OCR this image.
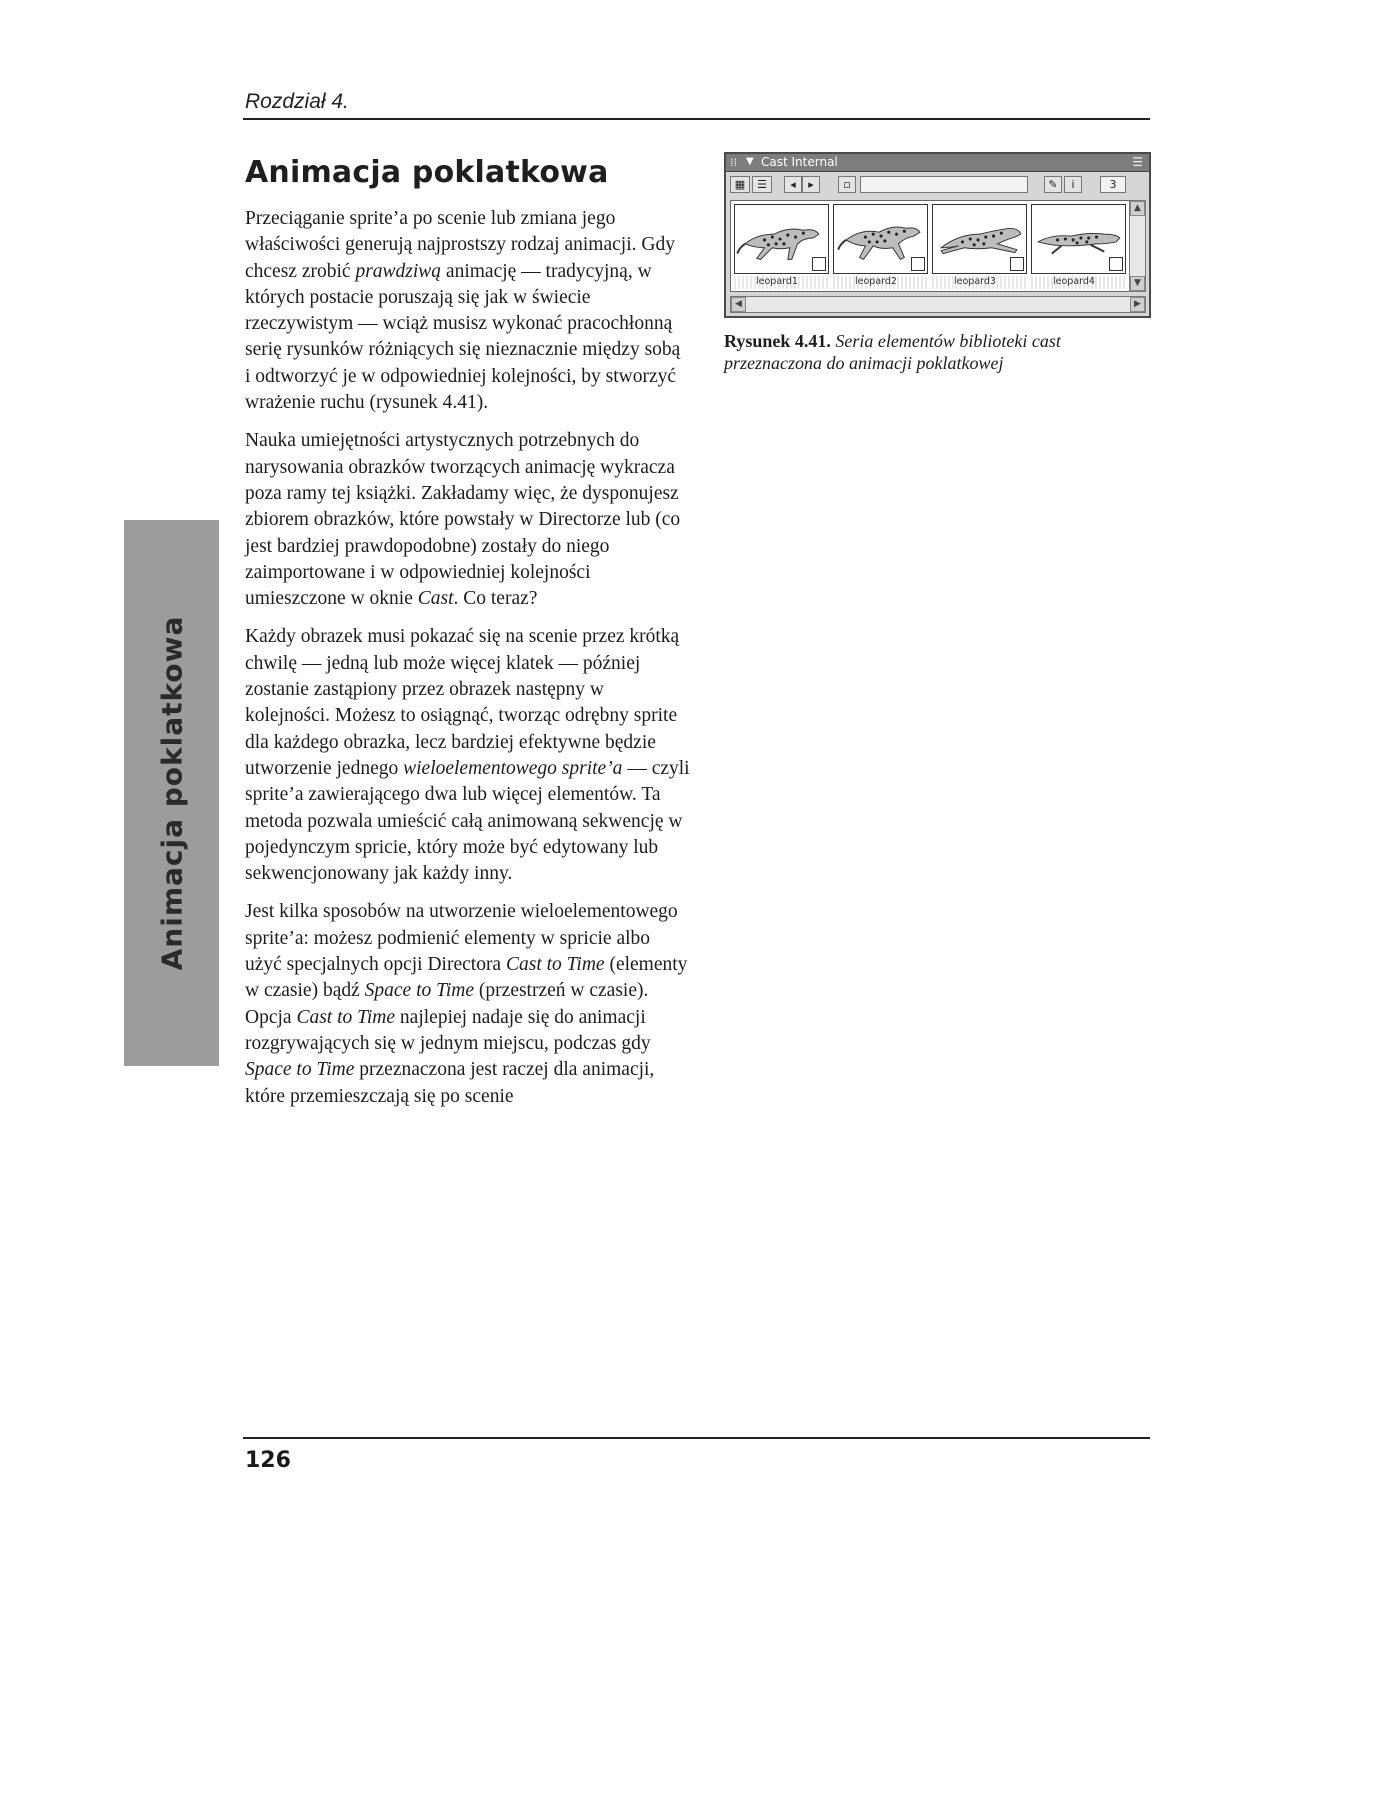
Rozdział 4.
Animacja poklatkowa
Animacja poklatkowa

Przeciąganie sprite’a po scenie lub zmiana jego właściwości generują najprostszy rodzaj animacji. Gdy chcesz zrobić prawdziwą animację — tradycyjną, w których postacie poruszają się jak w świecie rzeczywistym — wciąż musisz wykonać pracochłonną serię rysunków różniących się nieznacznie między sobą i odtworzyć je w odpowiedniej kolejności, by stworzyć wrażenie ruchu (rysunek 4.41).

Nauka umiejętności artystycznych potrzebnych do narysowania obrazków tworzących animację wykracza poza ramy tej książki. Zakładamy więc, że dysponujesz zbiorem obrazków, które powstały w Directorze lub (co jest bardziej prawdopodobne) zostały do niego zaimportowane i w odpowiedniej kolejności umieszczone w oknie Cast. Co teraz?

Każdy obrazek musi pokazać się na scenie przez krótką chwilę — jedną lub może więcej klatek — później zostanie zastąpiony przez obrazek następny w kolejności. Możesz to osiągnąć, tworząc odrębny sprite dla każdego obrazka, lecz bardziej efektywne będzie utworzenie jednego wieloelementowego sprite’a — czyli sprite’a zawierającego dwa lub więcej elementów. Ta metoda pozwala umieścić całą animowaną sekwencję w pojedynczym spricie, który może być edytowany lub sekwencjonowany jak każdy inny.

Jest kilka sposobów na utworzenie wieloelementowego sprite’a: możesz podmienić elementy w spricie albo użyć specjalnych opcji Directora Cast to Time (elementy w czasie) bądź Space to Time (przestrzeń w czasie). Opcja Cast to Time najlepiej nadaje się do animacji rozgrywających się w jednym miejscu, podczas gdy Space to Time przeznaczona jest raczej dla animacji, które przemieszczają się po scenie

⁞⁞ ▼ Cast Internal	☰
▦	☰	◂	▸	▫	✎	i	3
leopard1	leopard2	leopard3	leopard4
▲
▼
◀	▶
Rysunek 4.41. Seria elementów biblioteki cast przeznaczona do animacji poklatkowej
126
